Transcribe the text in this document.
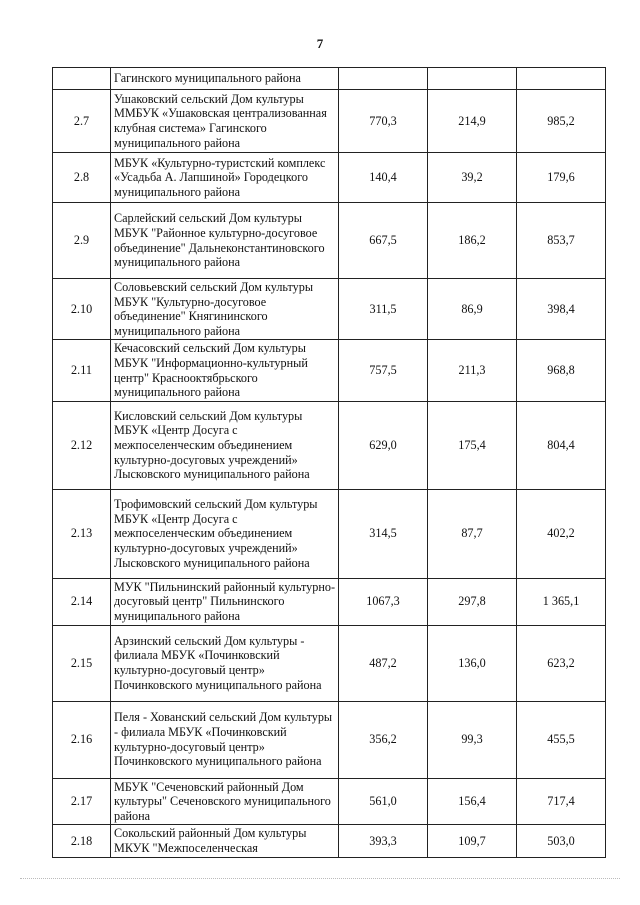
7
	Гагинского муниципального района			
2.7	Ушаковский сельский Дом культуры ММБУК «Ушаковская централизованная клубная система» Гагинского муниципального района	770,3	214,9	985,2
2.8	МБУК «Культурно-туристский комплекс «Усадьба А. Лапшиной» Городецкого муниципального района	140,4	39,2	179,6
2.9	Сарлейский сельский Дом культуры МБУК "Районное культурно-досуговое объединение" Дальнеконстантиновского муниципального района	667,5	186,2	853,7
2.10	Соловьевский сельский Дом культуры МБУК "Культурно-досуговое объединение" Княгининского муниципального района	311,5	86,9	398,4
2.11	Кечасовский сельский Дом культуры МБУК "Информационно-культурный центр" Краснооктябрьского муниципального района	757,5	211,3	968,8
2.12	Кисловский сельский Дом культуры МБУК «Центр Досуга с межпоселенческим объединением культурно-досуговых учреждений» Лысковского муниципального района	629,0	175,4	804,4
2.13	Трофимовский сельский Дом культуры МБУК «Центр Досуга с межпоселенческим объединением культурно-досуговых учреждений» Лысковского муниципального района	314,5	87,7	402,2
2.14	МУК "Пильнинский районный культурно-досуговый центр" Пильнинского муниципального района	1067,3	297,8	1 365,1
2.15	Арзинский сельский Дом культуры - филиала МБУК «Починковский культурно-досуговый центр» Починковского муниципального района	487,2	136,0	623,2
2.16	Пеля - Хованский сельский Дом культуры - филиала МБУК «Починковский культурно-досуговый центр» Починковского муниципального района	356,2	99,3	455,5
2.17	МБУК "Сеченовский районный Дом культуры" Сеченовского муниципального района	561,0	156,4	717,4
2.18	Сокольский районный Дом культуры МКУК "Межпоселенческая	393,3	109,7	503,0
